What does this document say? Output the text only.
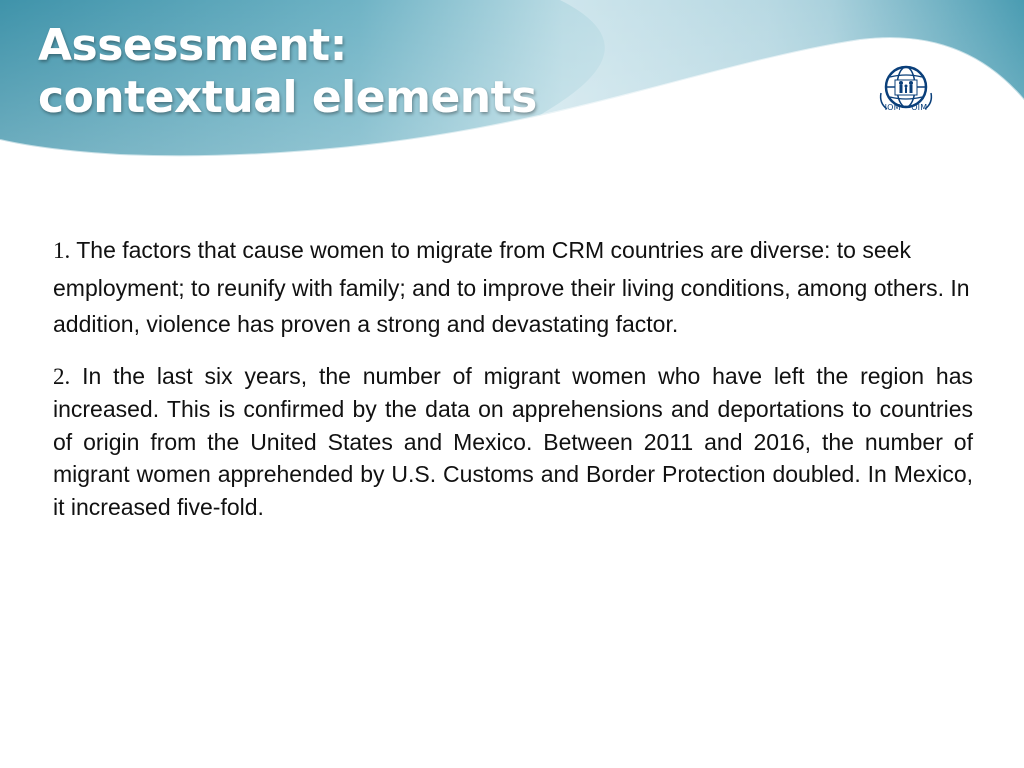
Assessment:
contextual elements	IOM • OIM

1. The factors that cause women to migrate from CRM countries are diverse: to seek employment; to reunify with family; and to improve their living conditions, among others. In addition, violence has proven a strong and devastating factor.

2. In the last six years, the number of migrant women who have left the region has increased. This is confirmed by the data on apprehensions and deportations to countries of origin from the United States and Mexico. Between 2011 and 2016, the number of migrant women apprehended by U.S. Customs and Border Protection doubled. In Mexico, it increased five-fold.
